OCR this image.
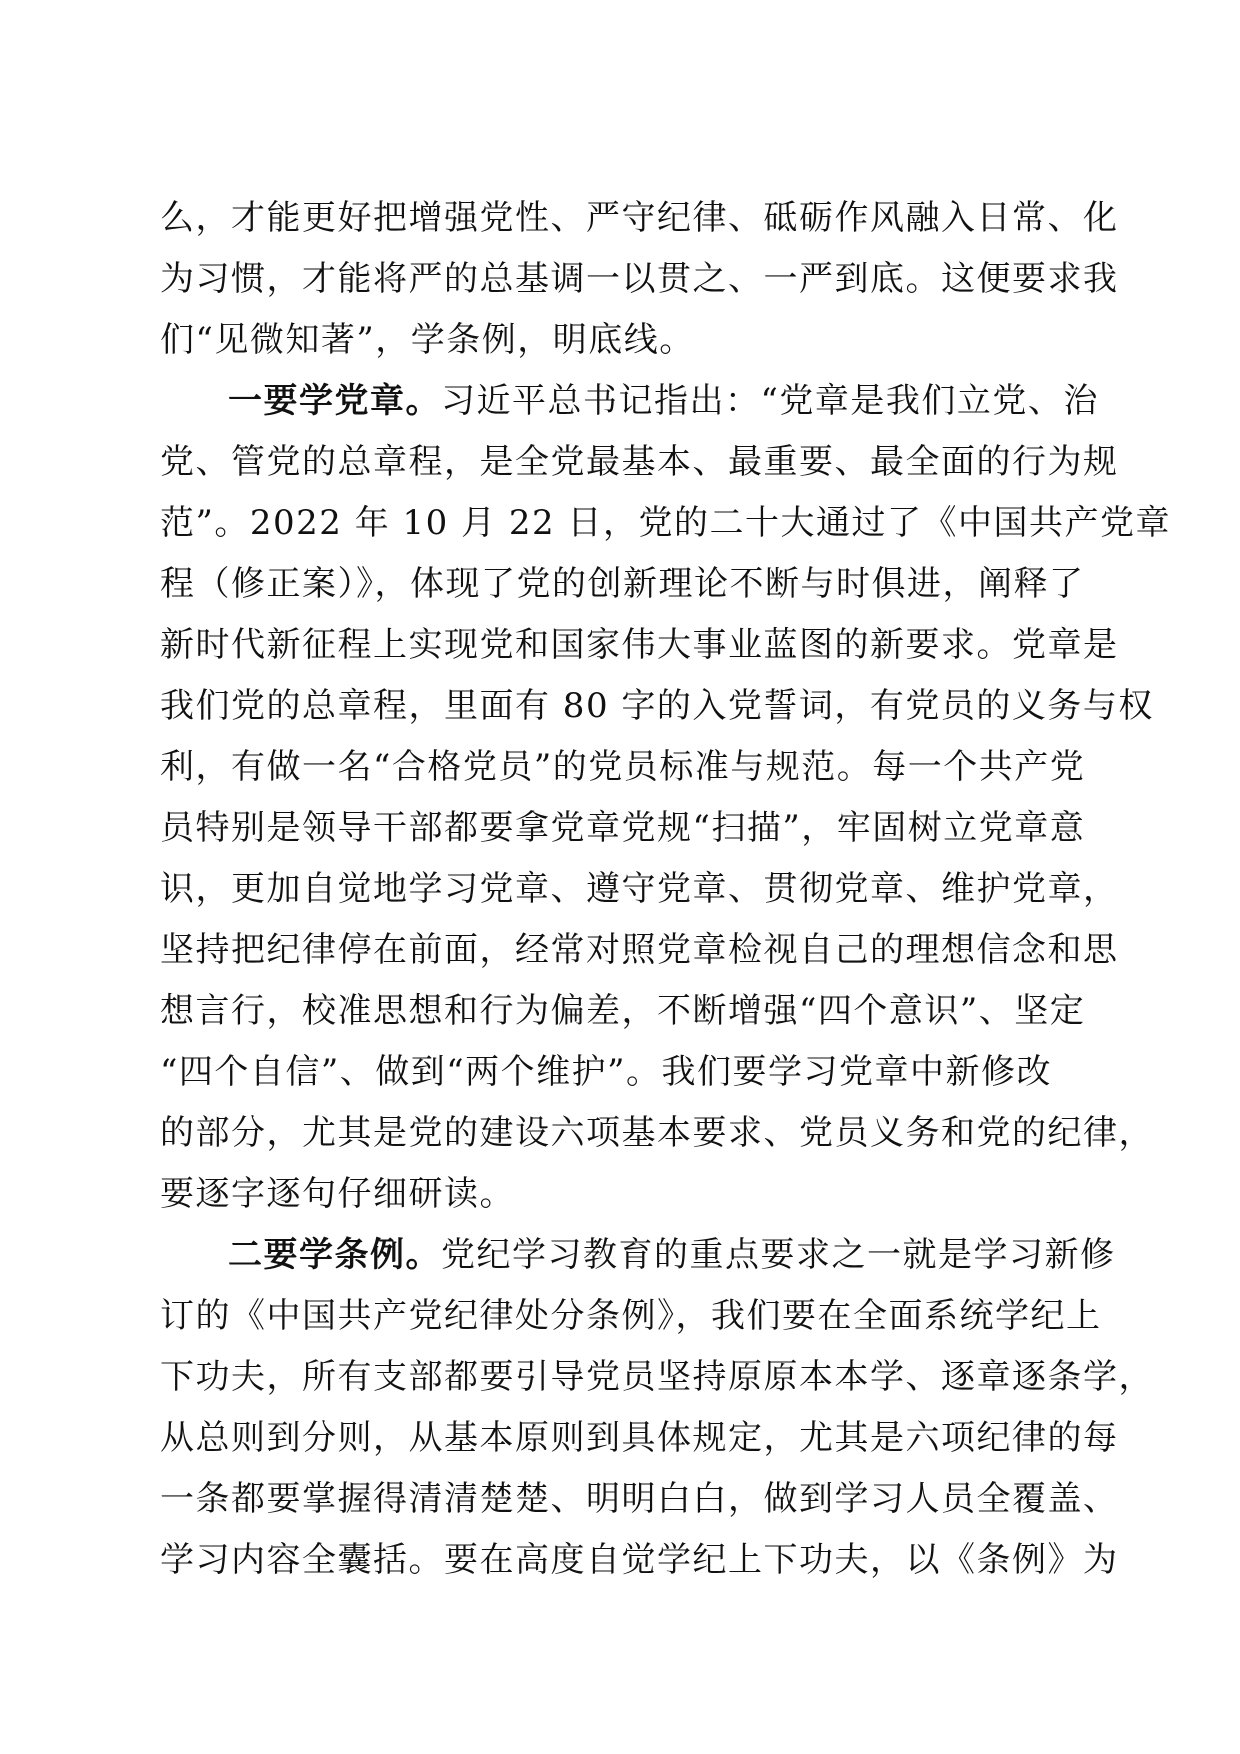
么，才能更好把增强党性、严守纪律、砥砺作风融入日常、化
为习惯，才能将严的总基调一以贯之、一严到底。这便要求我
们“见微知著”，学条例，明底线。
一要学党章。习近平总书记指出：“党章是我们立党、治
党、管党的总章程，是全党最基本、最重要、最全面的行为规
范”。2022 年 10 月 22 日，党的二十大通过了《中国共产党章
程（修正案）》，体现了党的创新理论不断与时俱进，阐释了
新时代新征程上实现党和国家伟大事业蓝图的新要求。党章是
我们党的总章程，里面有 80 字的入党誓词，有党员的义务与权
利，有做一名“合格党员”的党员标准与规范。每一个共产党
员特别是领导干部都要拿党章党规“扫描”，牢固树立党章意
识，更加自觉地学习党章、遵守党章、贯彻党章、维护党章，
坚持把纪律停在前面，经常对照党章检视自己的理想信念和思
想言行，校准思想和行为偏差，不断增强“四个意识”、坚定
“四个自信”、做到“两个维护”。我们要学习党章中新修改
的部分，尤其是党的建设六项基本要求、党员义务和党的纪律，
要逐字逐句仔细研读。
二要学条例。党纪学习教育的重点要求之一就是学习新修
订的《中国共产党纪律处分条例》，我们要在全面系统学纪上
下功夫，所有支部都要引导党员坚持原原本本学、逐章逐条学，
从总则到分则，从基本原则到具体规定，尤其是六项纪律的每
一条都要掌握得清清楚楚、明明白白，做到学习人员全覆盖、
学习内容全囊括。要在高度自觉学纪上下功夫，以《条例》为
